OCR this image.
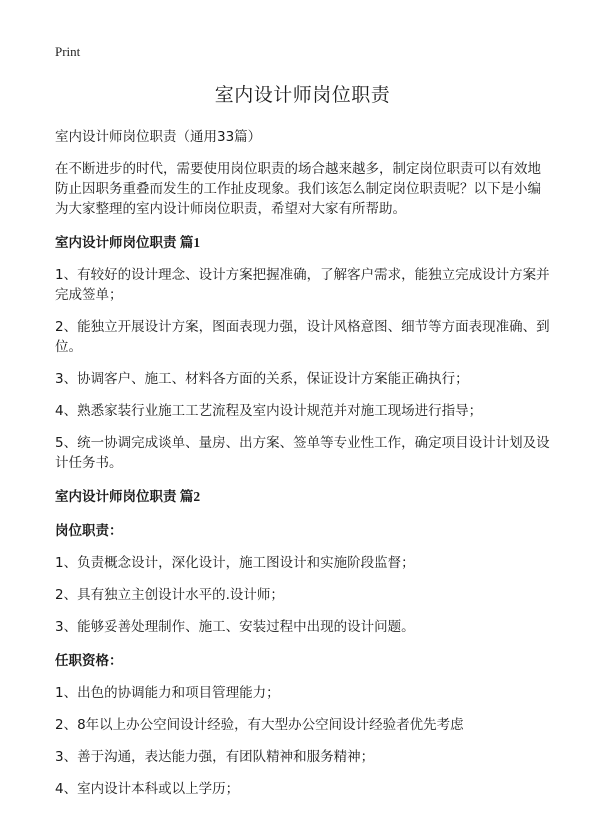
Print
室内设计师岗位职责
室内设计师岗位职责（通用33篇）

在不断进步的时代，需要使用岗位职责的场合越来越多，制定岗位职责可以有效地防止因职务重叠而发生的工作扯皮现象。我们该怎么制定岗位职责呢？以下是小编为大家整理的室内设计师岗位职责，希望对大家有所帮助。

室内设计师岗位职责 篇1
1、有较好的设计理念、设计方案把握准确，了解客户需求，能独立完成设计方案并完成签单；
2、能独立开展设计方案，图面表现力强，设计风格意图、细节等方面表现准确、到位。
3、协调客户、施工、材料各方面的关系，保证设计方案能正确执行；
4、熟悉家装行业施工工艺流程及室内设计规范并对施工现场进行指导；
5、统一协调完成谈单、量房、出方案、签单等专业性工作，确定项目设计计划及设计任务书。
室内设计师岗位职责 篇2
岗位职责：
1、负责概念设计，深化设计，施工图设计和实施阶段监督；
2、具有独立主创设计水平的.设计师；
3、能够妥善处理制作、施工、安装过程中出现的设计问题。
任职资格：
1、出色的协调能力和项目管理能力；
2、8年以上办公空间设计经验，有大型办公空间设计经验者优先考虑
3、善于沟通，表达能力强，有团队精神和服务精神；
4、室内设计本科或以上学历；
